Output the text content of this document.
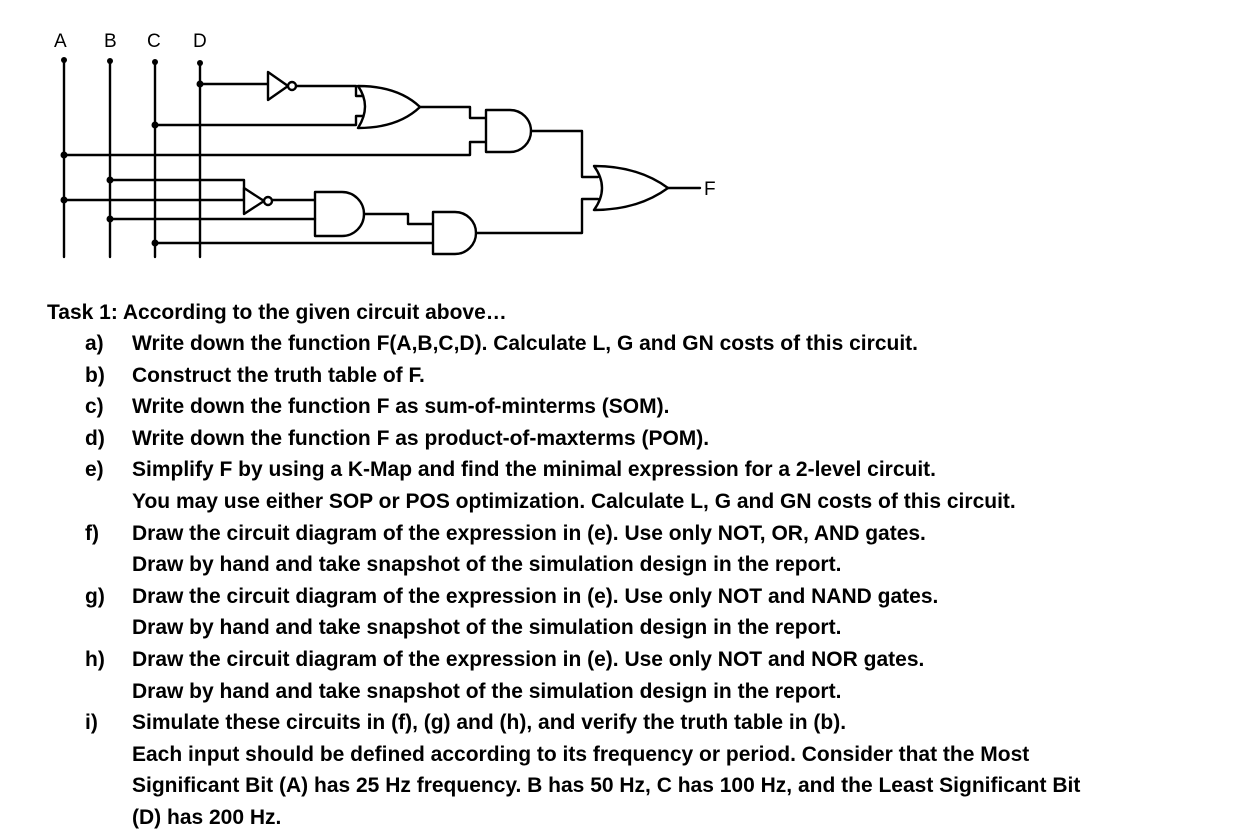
A B C D
F
Task 1: According to the given circuit above…
a) Write down the function F(A,B,C,D). Calculate L, G and GN costs of this circuit.
b) Construct the truth table of F.
c) Write down the function F as sum-of-minterms (SOM).
d) Write down the function F as product-of-maxterms (POM).
e) Simplify F by using a K-Map and find the minimal expression for a 2-level circuit.
You may use either SOP or POS optimization. Calculate L, G and GN costs of this circuit.
f) Draw the circuit diagram of the expression in (e). Use only NOT, OR, AND gates.
Draw by hand and take snapshot of the simulation design in the report.
g) Draw the circuit diagram of the expression in (e). Use only NOT and NAND gates.
Draw by hand and take snapshot of the simulation design in the report.
h) Draw the circuit diagram of the expression in (e). Use only NOT and NOR gates.
Draw by hand and take snapshot of the simulation design in the report.
i) Simulate these circuits in (f), (g) and (h), and verify the truth table in (b).
Each input should be defined according to its frequency or period. Consider that the Most
Significant Bit (A) has 25 Hz frequency. B has 50 Hz, C has 100 Hz, and the Least Significant Bit
(D) has 200 Hz.
